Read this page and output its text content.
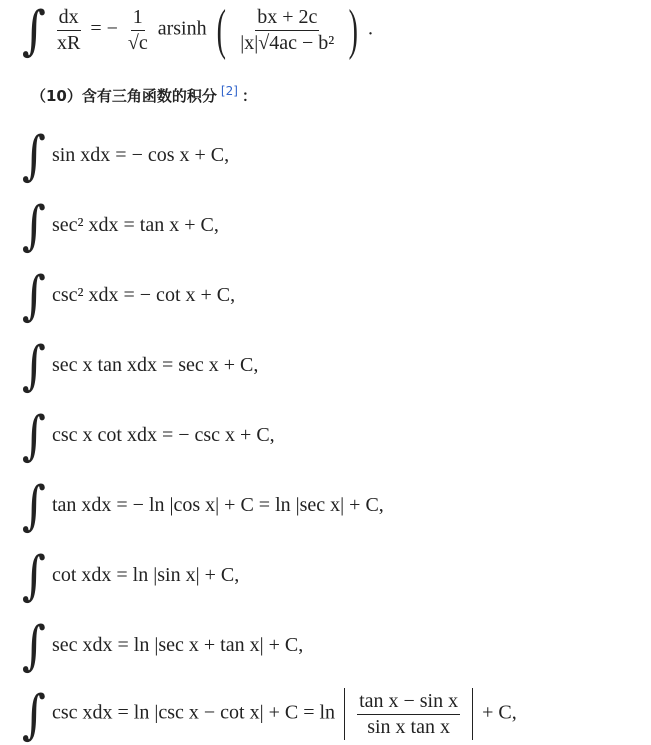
∫ $\frac{dx}{xR}$ = − $\frac{1}{√c}$ arsinh ( $\frac{bx + 2c}{\text{|x|√4ac − b²}}$ ) .
（10）含有三角函数的积分 [2] ：
∫ sin xdx = − cos x + C,
∫ sec² xdx = tan x + C,
∫ csc² xdx = − cot x + C,
∫ sec x tan xdx = sec x + C,
∫ csc x cot xdx = − csc x + C,
∫ tan xdx = − ln |cos x| + C = ln |sec x| + C,
∫ cot xdx = ln |sin x| + C,
∫ sec xdx = ln |sec x + tan x| + C,
∫ csc xdx = ln |csc $x - \cot x| + C = \ln \frac{\text{tan x − sin x}}{\text{sin x tan x}} + C$,
